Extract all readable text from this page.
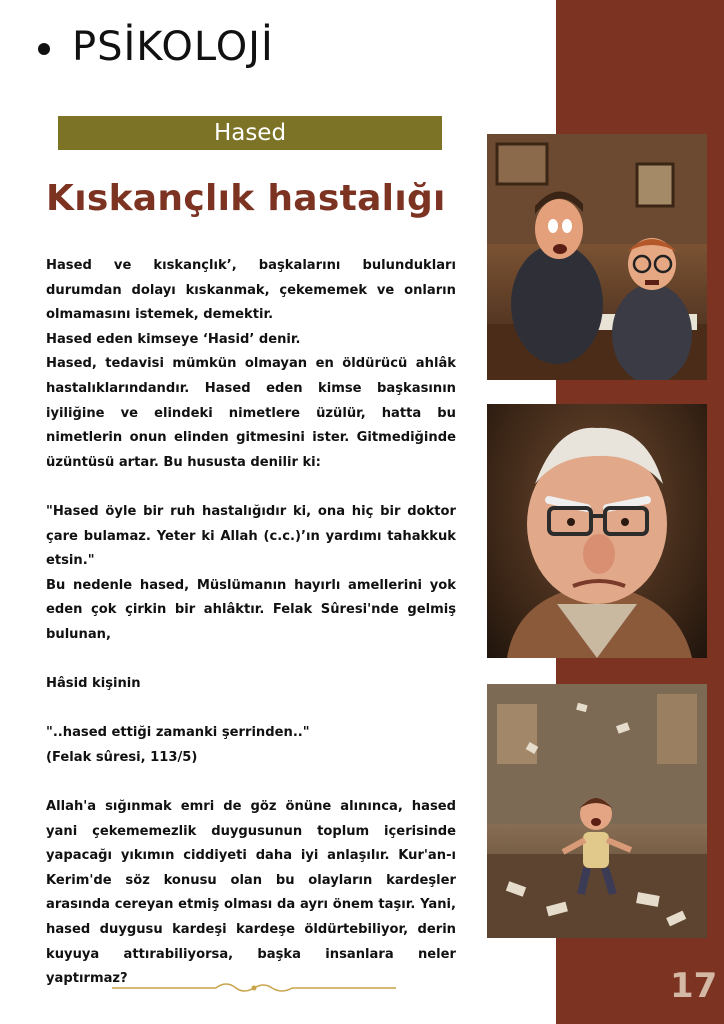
PSİKOLOJİ
Hased
Kıskançlık hastalığı

Hased ve kıskançlık’, başkalarını bulundukları durumdan dolayı kıskanmak, çekememek ve onların olmamasını istemek, demektir.

Hased eden kimseye ‘Hasid’ denir.

Hased, tedavisi mümkün olmayan en öldürücü ahlâk hastalıklarındandır. Hased eden kimse başkasının iyiliğine ve elindeki nimetlere üzülür, hatta bu nimetlerin onun elinden gitmesini ister. Gitmediğinde üzüntüsü artar. Bu hususta denilir ki:

"Hased öyle bir ruh hastalığıdır ki, ona hiç bir doktor çare bulamaz. Yeter ki Allah (c.c.)’ın yardımı tahakkuk etsin."

Bu nedenle hased, Müslümanın hayırlı amellerini yok eden çok çirkin bir ahlâktır. Felak Sûresi'nde gelmiş bulunan,

Hâsid kişinin

"..hased ettiği zamanki şerrinden.."

(Felak sûresi, 113/5)

Allah'a sığınmak emri de göz önüne alınınca, hased yani çekememezlik duygusunun toplum içerisinde yapacağı yıkımın ciddiyeti daha iyi anlaşılır. Kur'an-ı Kerim'de söz konusu olan bu olayların kardeşler arasında cereyan etmiş olması da ayrı önem taşır. Yani, hased duygusu kardeşi kardeşe öldürtebiliyor, derin kuyuya attırabiliyorsa, başka insanlara neler yaptırmaz?	17
